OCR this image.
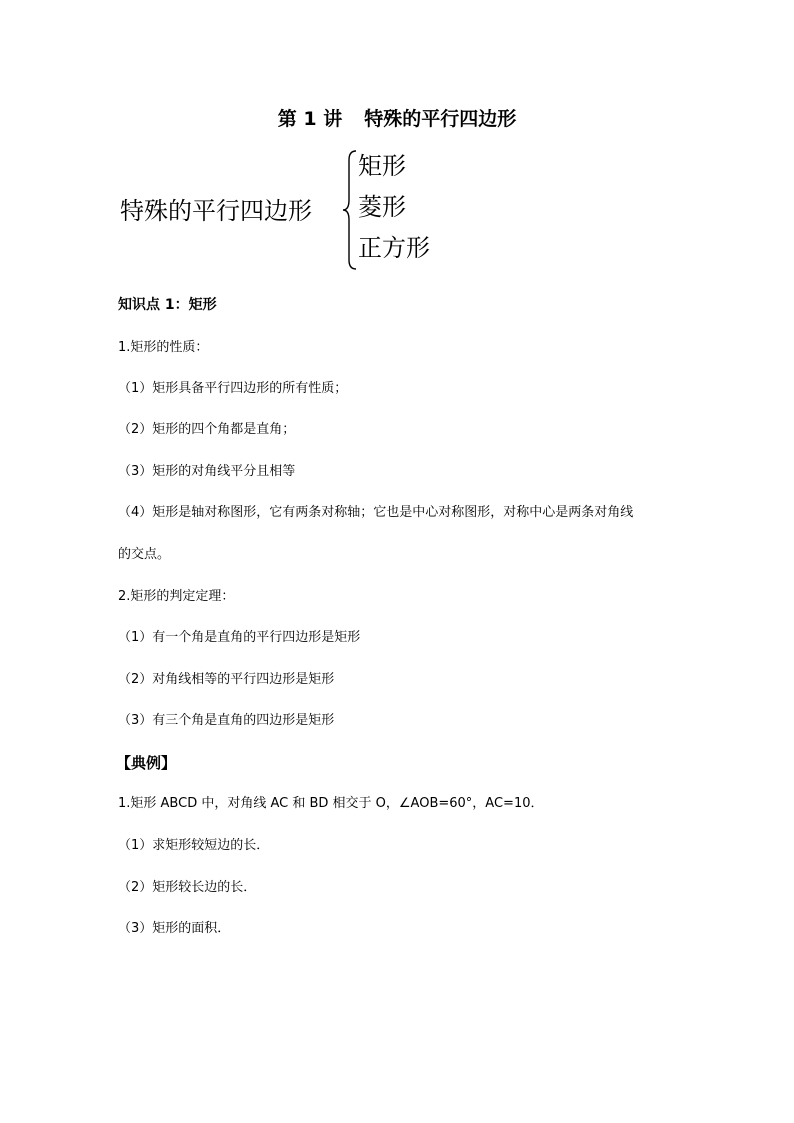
第 1 讲 特殊的平行四边形
特殊的平行四边形
矩形
菱形
正方形
知识点 1：矩形
1.矩形的性质：
（1）矩形具备平行四边形的所有性质；
（2）矩形的四个角都是直角；
（3）矩形的对角线平分且相等
（4）矩形是轴对称图形，它有两条对称轴；它也是中心对称图形，对称中心是两条对角线
的交点。
2.矩形的判定定理：
（1）有一个角是直角的平行四边形是矩形
（2）对角线相等的平行四边形是矩形
（3）有三个角是直角的四边形是矩形
【典例】
1.矩形 ABCD 中，对角线 AC 和 BD 相交于 O，∠AOB=60°，AC=10．
（1）求矩形较短边的长．
（2）矩形较长边的长．
（3）矩形的面积．
